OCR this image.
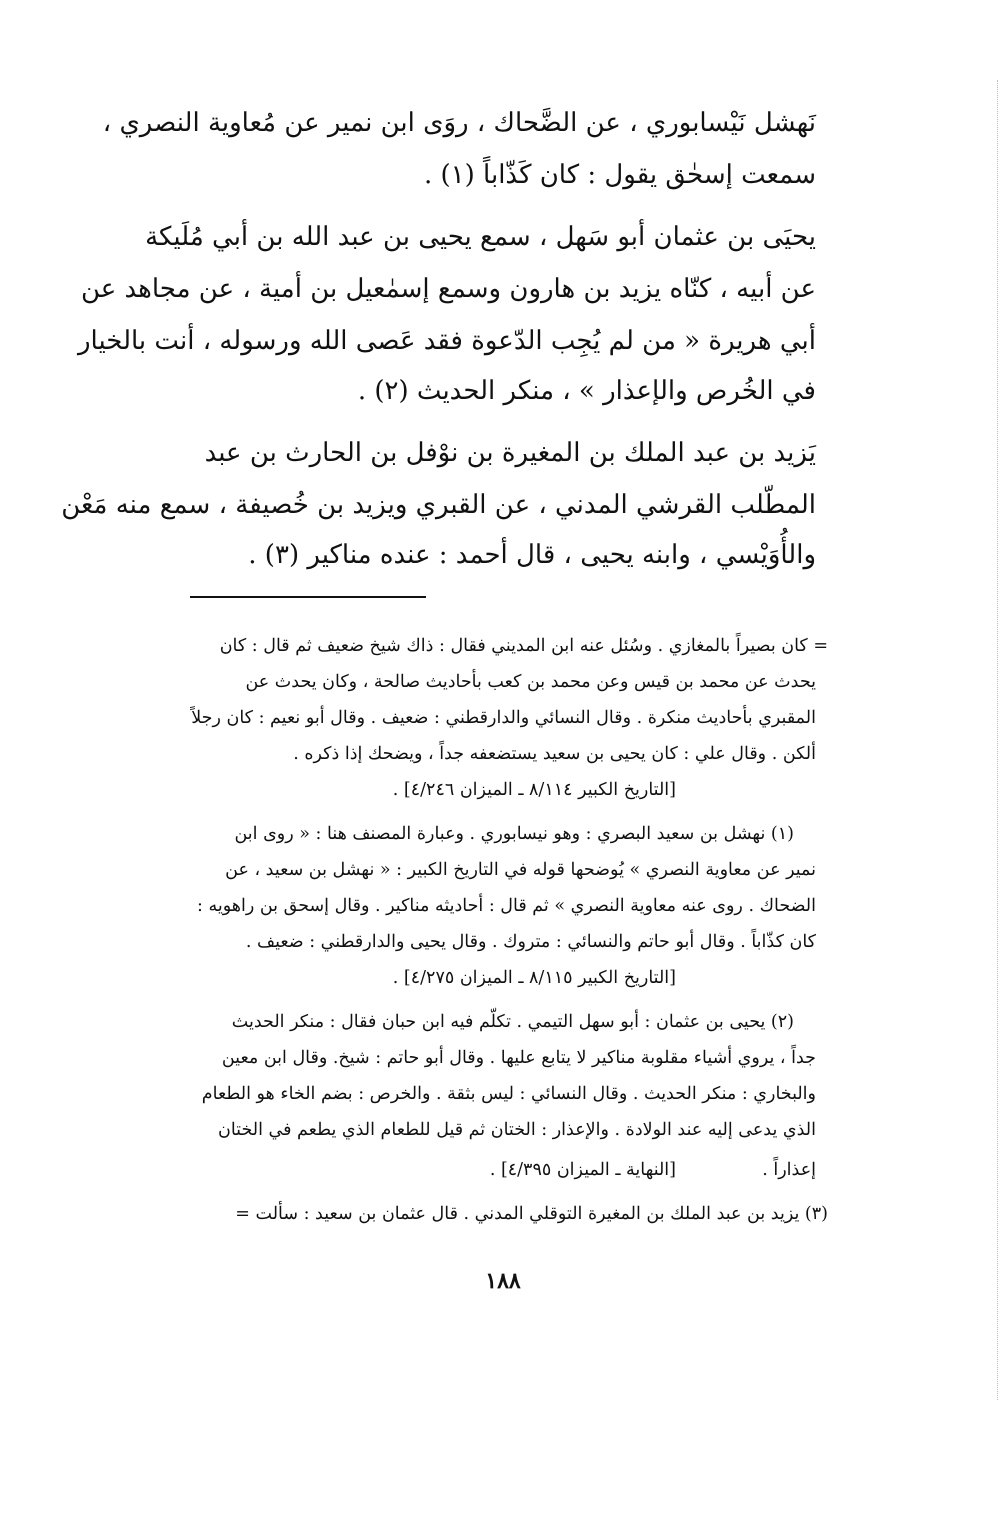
نَهشل نَيْسابوري ، عن الضَّحاك ، روَى ابن نمير عن مُعاوية النصري ،
سمعت إسحٰق يقول : كان كَذّاباً (١) .
يحيَى بن عثمان أبو سَهل ، سمع يحيى بن عبد الله بن أبي مُلَيكة
عن أبيه ، كنّاه يزيد بن هارون وسمع إسمٰعيل بن أمية ، عن مجاهد عن
أبي هريرة « من لم يُجِب الدّعوة فقد عَصى الله ورسوله ، أنت بالخيار
في الخُرص والإعذار » ، منكر الحديث (٢) .
يَزيد بن عبد الملك بن المغيرة بن نوْفل بن الحارث بن عبد
المطّلب القرشي المدني ، عن القبري ويزيد بن خُصيفة ، سمع منه مَعْن
والأُوَيْسي ، وابنه يحيى ، قال أحمد : عنده مناكير (٣) .
= كان بصيراً بالمغازي . وسُئل عنه ابن المديني فقال : ذاك شيخ ضعيف ثم قال : كان
يحدث عن محمد بن قيس وعن محمد بن كعب بأحاديث صالحة ، وكان يحدث عن
المقبري بأحاديث منكرة . وقال النسائي والدارقطني : ضعيف . وقال أبو نعيم : كان رجلاً
ألكن . وقال علي : كان يحيى بن سعيد يستضعفه جداً ، ويضحك إذا ذكره .
[التاريخ الكبير ٨/١١٤ ـ الميزان ٤/٢٤٦] .
(١) نهشل بن سعيد البصري : وهو نيسابوري . وعبارة المصنف هنا : « روى ابن
نمير عن معاوية النصري » يُوضحها قوله في التاريخ الكبير : « نهشل بن سعيد ، عن
الضحاك . روى عنه معاوية النصري » ثم قال : أحاديثه مناكير . وقال إسحق بن راهويه :
كان كذّاباً . وقال أبو حاتم والنسائي : متروك . وقال يحيى والدارقطني : ضعيف .
[التاريخ الكبير ٨/١١٥ ـ الميزان ٤/٢٧٥] .
(٢) يحيى بن عثمان : أبو سهل التيمي . تكلّم فيه ابن حبان فقال : منكر الحديث
جداً ، يروي أشياء مقلوبة مناكير لا يتابع عليها . وقال أبو حاتم : شيخ. وقال ابن معين
والبخاري : منكر الحديث . وقال النسائي : ليس بثقة . والخرص : بضم الخاء هو الطعام
الذي يدعى إليه عند الولادة . والإعذار : الختان ثم قيل للطعام الذي يطعم في الختان
إعذاراً .
[النهاية ـ الميزان ٤/٣٩٥] .
(٣) يزيد بن عبد الملك بن المغيرة التوقلي المدني . قال عثمان بن سعيد : سألت =
١٨٨
